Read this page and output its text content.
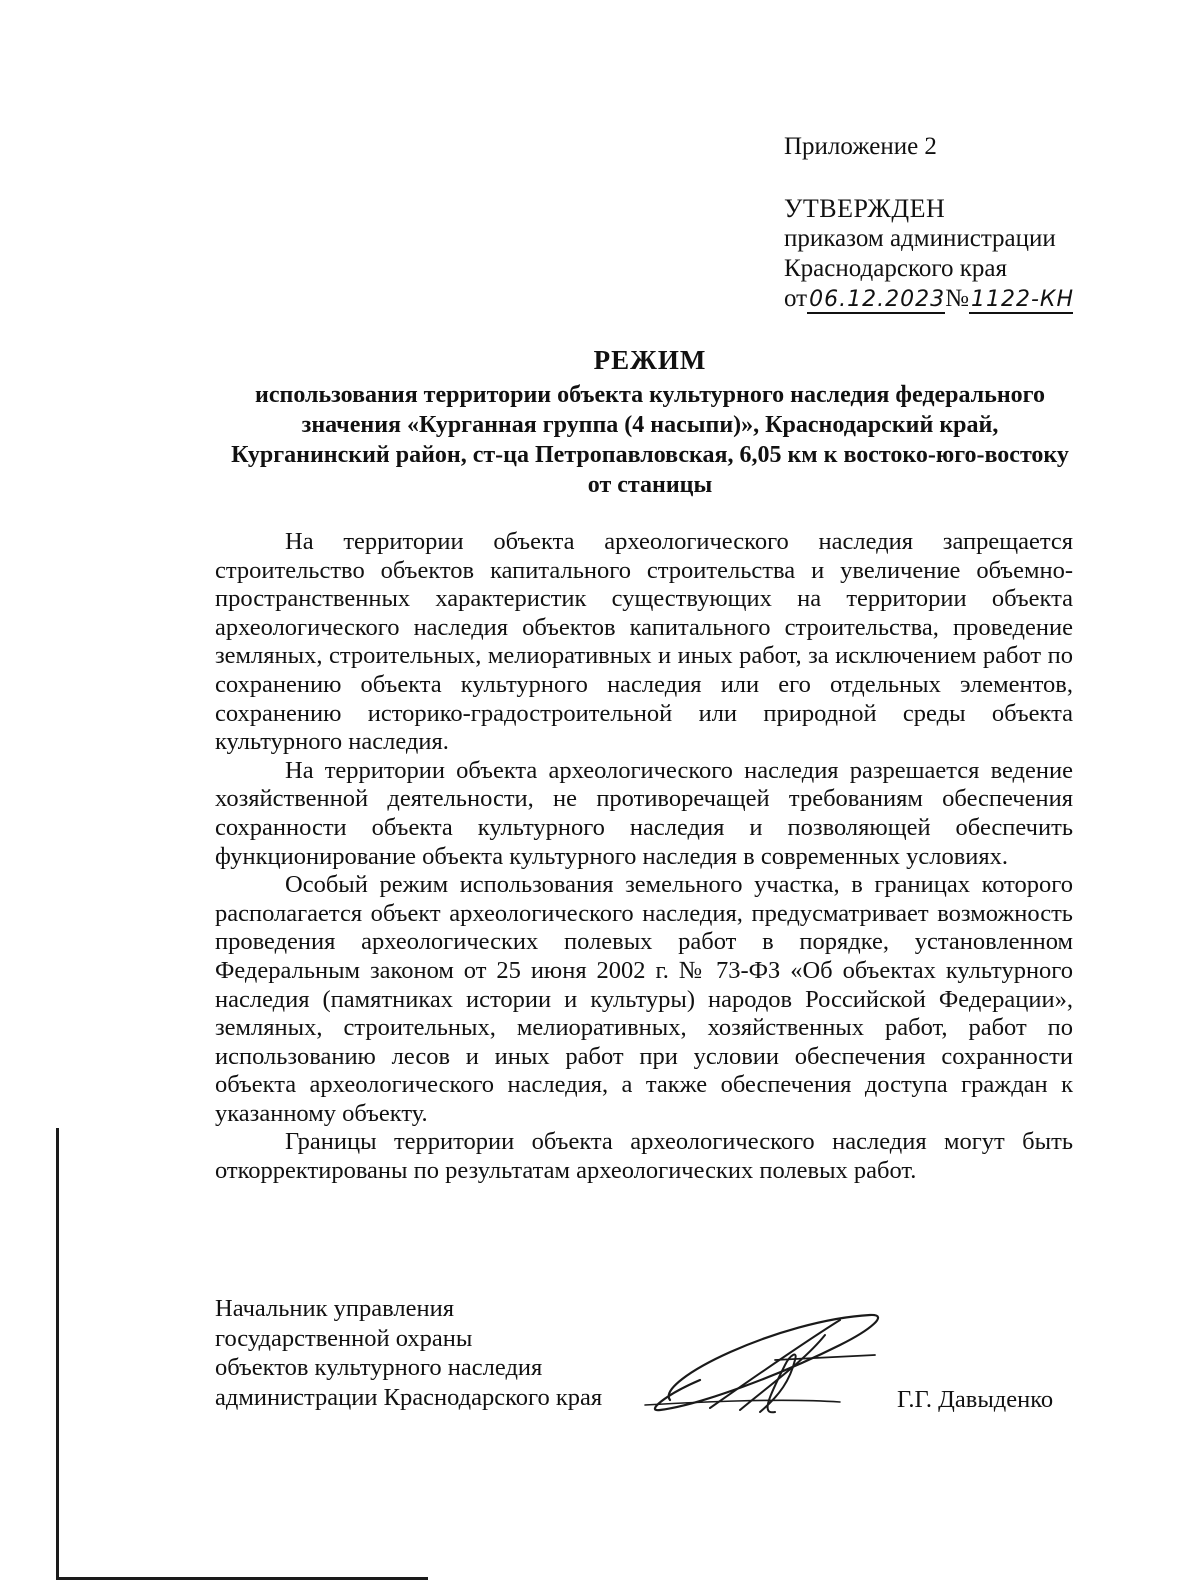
Приложение 2
УТВЕРЖДЕН
приказом администрации
Краснодарского края
от06.12.2023№1122-КН
РЕЖИМ
использования территории объекта культурного наследия федерального значения «Курганная группа (4 насыпи)», Краснодарский край, Курганинский район, ст-ца Петропавловская, 6,05 км к востоко-юго-востоку от станицы

На территории объекта археологического наследия запрещается строительство объектов капитального строительства и увеличение объемно-пространственных характеристик существующих на территории объекта археологического наследия объектов капитального строительства, проведение земляных, строительных, мелиоративных и иных работ, за исключением работ по сохранению объекта культурного наследия или его отдельных элементов, сохранению историко-градостроительной или природной среды объекта культурного наследия.

На территории объекта археологического наследия разрешается ведение хозяйственной деятельности, не противоречащей требованиям обеспечения сохранности объекта культурного наследия и позволяющей обеспечить функционирование объекта культурного наследия в современных условиях.

Особый режим использования земельного участка, в границах которого располагается объект археологического наследия, предусматривает возможность проведения археологических полевых работ в порядке, установленном Федеральным законом от 25 июня 2002 г. № 73-ФЗ «Об объектах культурного наследия (памятниках истории и культуры) народов Российской Федерации», земляных, строительных, мелиоративных, хозяйственных работ, работ по использованию лесов и иных работ при условии обеспечения сохранности объекта археологического наследия, а также обеспечения доступа граждан к указанному объекту.

Границы территории объекта археологического наследия могут быть откорректированы по результатам археологических полевых работ.

Начальник управления
государственной охраны
объектов культурного наследия
администрации Краснодарского края	Г.Г. Давыденко
